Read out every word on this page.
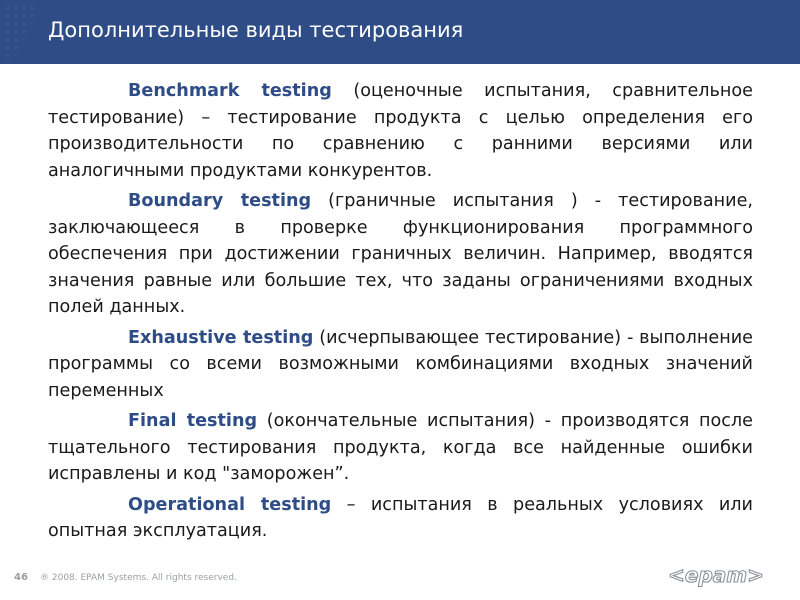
Дополнительные виды тестирования

Benchmark testing (оценочные испытания, сравнительное тестирование) – тестирование продукта с целью определения его производительности по сравнению с ранними версиями или аналогичными продуктами конкурентов.

Boundary testing (граничные испытания ) - тестирование, заключающееся в проверке функционирования программного обеспечения при достижении граничных величин. Например, вводятся значения равные или большие тех, что заданы ограничениями входных полей данных.

Exhaustive testing (исчерпывающее тестирование) - выполнение программы со всеми возможными комбинациями входных значений переменных

Final testing (окончательные испытания) - производятся после тщательного тестирования продукта, когда все найденные ошибки исправлены и код "заморожен”.

Operational testing – испытания в реальных условиях или опытная эксплуатация.

46 ® 2008. EPAM Systems. All rights reserved.	<epam>
